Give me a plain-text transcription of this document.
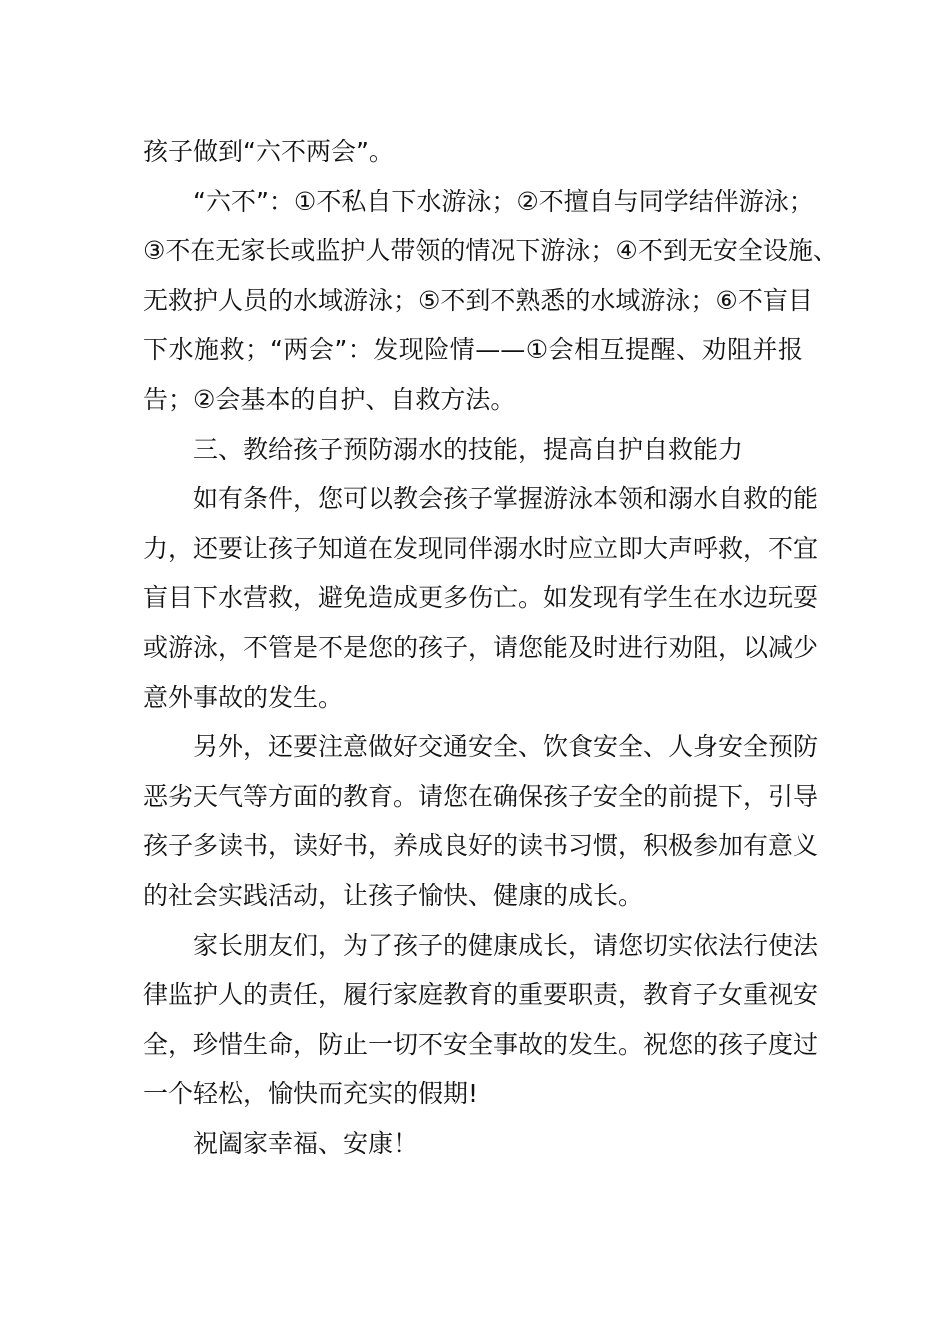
孩子做到“六不两会”。
“六不”：①不私自下水游泳；②不擅自与同学结伴游泳；
③不在无家长或监护人带领的情况下游泳；④不到无安全设施、
无救护人员的水域游泳；⑤不到不熟悉的水域游泳；⑥不盲目
下水施救；“两会”：发现险情——①会相互提醒、劝阻并报
告；②会基本的自护、自救方法。
三、教给孩子预防溺水的技能，提高自护自救能力
如有条件，您可以教会孩子掌握游泳本领和溺水自救的能
力，还要让孩子知道在发现同伴溺水时应立即大声呼救，不宜
盲目下水营救，避免造成更多伤亡。如发现有学生在水边玩耍
或游泳，不管是不是您的孩子，请您能及时进行劝阻，以减少
意外事故的发生。
另外，还要注意做好交通安全、饮食安全、人身安全预防
恶劣天气等方面的教育。请您在确保孩子安全的前提下，引导
孩子多读书，读好书，养成良好的读书习惯，积极参加有意义
的社会实践活动，让孩子愉快、健康的成长。
家长朋友们，为了孩子的健康成长，请您切实依法行使法
律监护人的责任，履行家庭教育的重要职责，教育子女重视安
全，珍惜生命，防止一切不安全事故的发生。祝您的孩子度过
一个轻松，愉快而充实的假期!
祝阖家幸福、安康！
